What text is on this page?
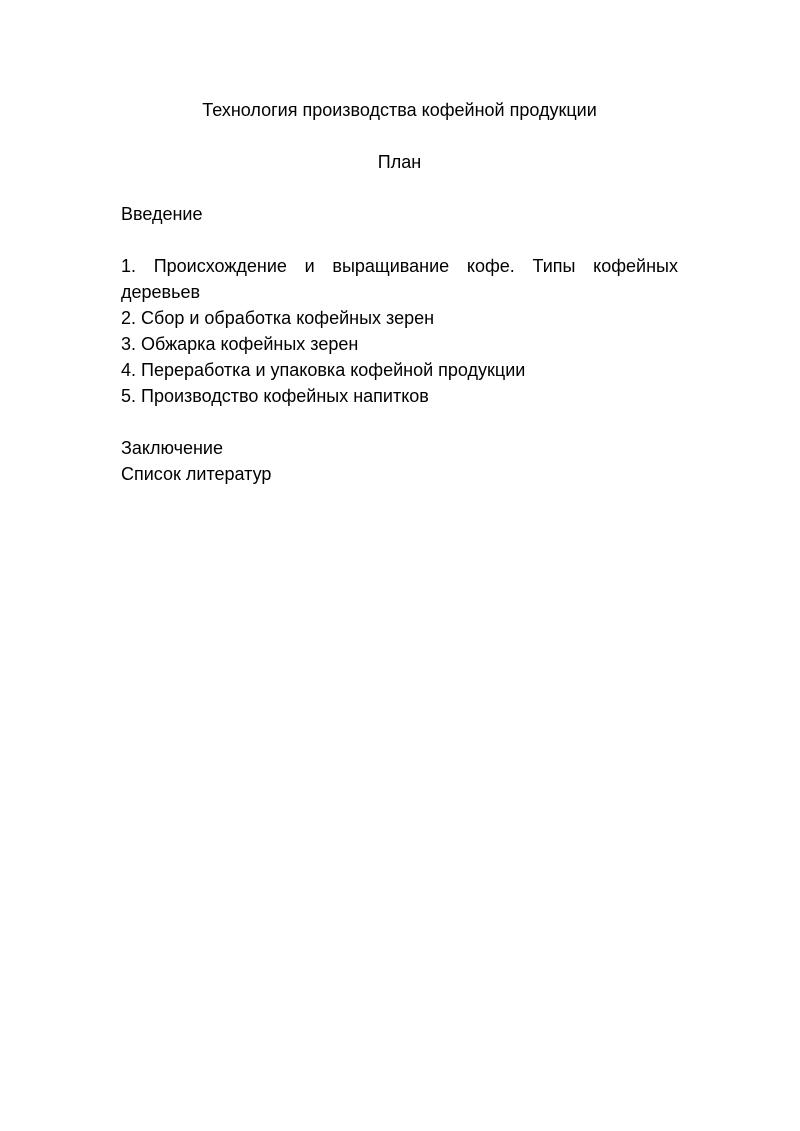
Технология производства кофейной продукции
План

Введение

1. Происхождение и выращивание кофе. Типы кофейных деревьев
2. Сбор и обработка кофейных зерен
3. Обжарка кофейных зерен
4. Переработка и упаковка кофейной продукции
5. Производство кофейных напитков

Заключение

Список литератур
